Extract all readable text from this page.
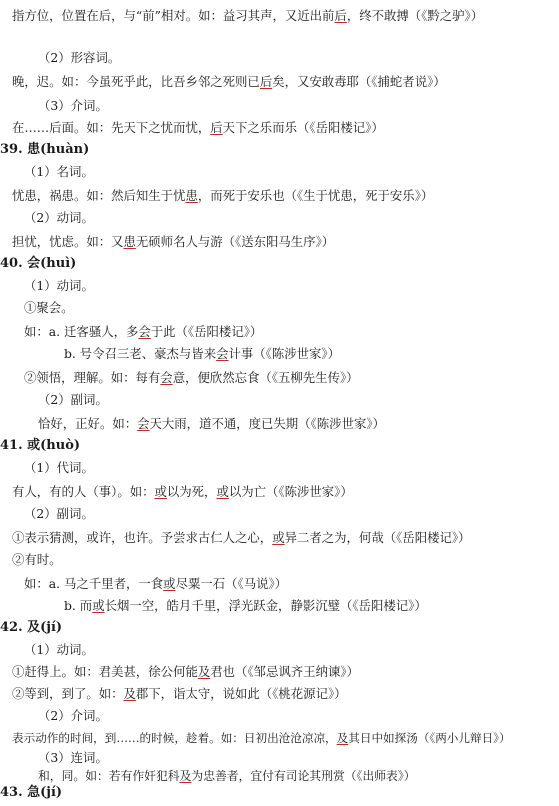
指方位，位置在后，与“前”相对。如：益习其声，又近出前后，终不敢搏（《黔之驴》）
（2）形容词。
晚，迟。如：今虽死乎此，比吾乡邻之死则已后矣，又安敢毒耶（《捕蛇者说》）
（3）介词。
在……后面。如：先天下之忧而忧，后天下之乐而乐（《岳阳楼记》）
39. 患(huàn)
（1）名词。
忧患，祸患。如：然后知生于忧患，而死于安乐也（《生于忧患，死于安乐》）
（2）动词。
担忧，忧虑。如：又患无硕师名人与游（《送东阳马生序》）
40. 会(huì)
（1）动词。
①聚会。
如：a. 迁客骚人，多会于此（《岳阳楼记》）
b. 号令召三老、豪杰与皆来会计事（《陈涉世家》）
②领悟，理解。如：每有会意，便欣然忘食（《五柳先生传》）
（2）副词。
恰好，正好。如：会天大雨，道不通，度已失期（《陈涉世家》）
41. 或(huò)
（1）代词。
有人，有的人（事）。如：或以为死，或以为亡（《陈涉世家》）
（2）副词。
①表示猜测，或许，也许。予尝求古仁人之心，或异二者之为，何哉（《岳阳楼记》）
②有时。
如：a. 马之千里者，一食或尽粟一石（《马说》）
b. 而或长烟一空，皓月千里，浮光跃金，静影沉璧（《岳阳楼记》）
42. 及(jí)
（1）动词。
①赶得上。如：君美甚，徐公何能及君也（《邹忌讽齐王纳谏》）
②等到，到了。如：及郡下，诣太守，说如此（《桃花源记》）
（2）介词。
表示动作的时间，到……的时候，趁着。如：日初出沧沧凉凉，及其日中如探汤（《两小儿辩日》）
（3）连词。
和，同。如：若有作奸犯科及为忠善者，宜付有司论其刑赏（《出师表》）
43. 急(jí)
